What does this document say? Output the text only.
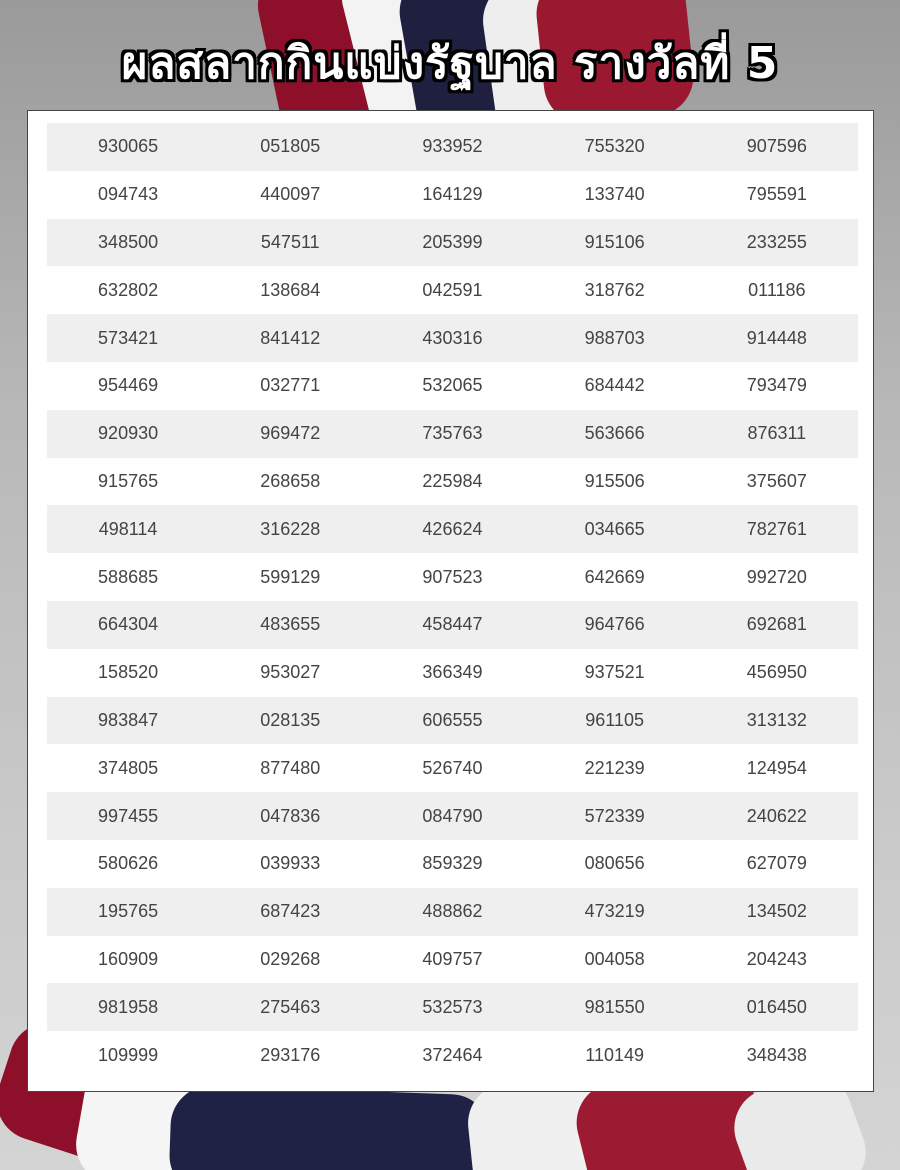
ผลสลากกินแบ่งรัฐบาล รางวัลที่ 5
930065	051805	933952	755320	907596
094743	440097	164129	133740	795591
348500	547511	205399	915106	233255
632802	138684	042591	318762	011186
573421	841412	430316	988703	914448
954469	032771	532065	684442	793479
920930	969472	735763	563666	876311
915765	268658	225984	915506	375607
498114	316228	426624	034665	782761
588685	599129	907523	642669	992720
664304	483655	458447	964766	692681
158520	953027	366349	937521	456950
983847	028135	606555	961105	313132
374805	877480	526740	221239	124954
997455	047836	084790	572339	240622
580626	039933	859329	080656	627079
195765	687423	488862	473219	134502
160909	029268	409757	004058	204243
981958	275463	532573	981550	016450
109999	293176	372464	110149	348438
